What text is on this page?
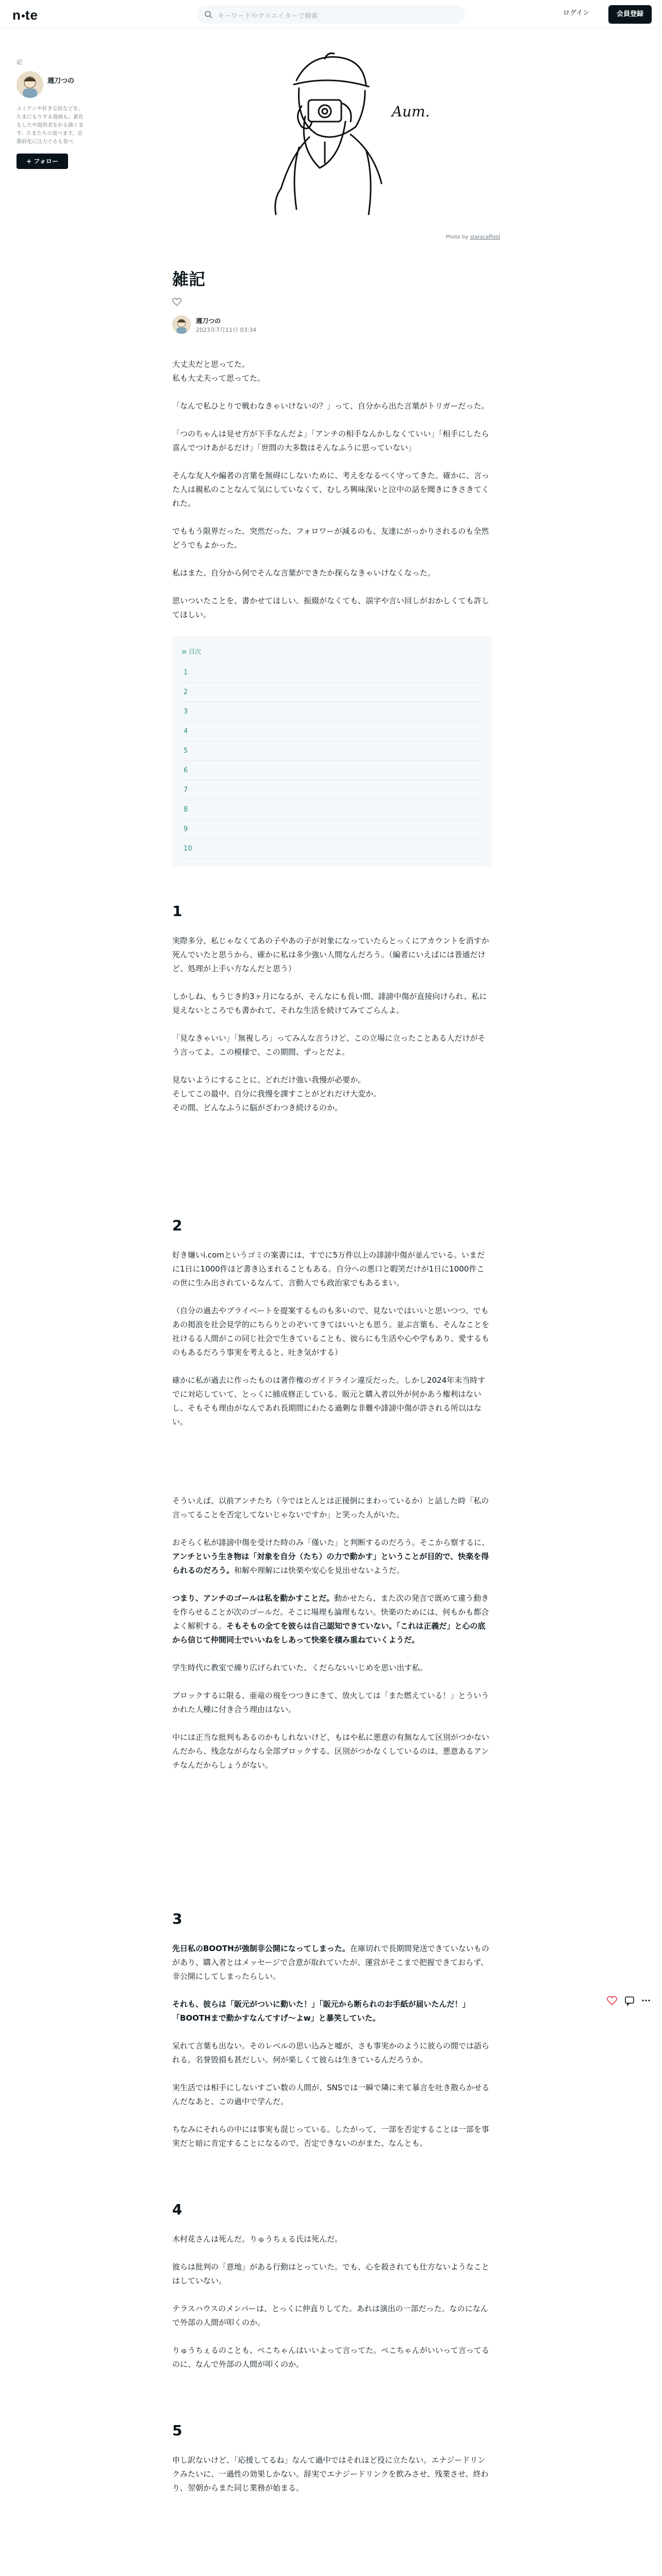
n te	キーワードやクリエイターで検索	ログイン	会員登録
記
週刀つの
ユミゲシや好きな絵などを。たまにもりする漫画も、素化もしたや提供者をかる描くます、たまたちの食べます。京都府化に注力ぐるも食べ
+ フォロー
Aum.
Photo by starscaffold
雑記
週刀つの
2023年7月11日 03:34

大丈夫だと思ってた。
私も大丈夫って思ってた。

「なんで私ひとりで戦わなきゃいけないの？」って、自分から出た言葉がトリガーだった。

「つのちゃんは見せ方が下手なんだよ」「アンチの相手なんかしなくていい」「相手にしたら喜んでつけあがるだけ」「世間の大多数はそんなふうに思っていない」

そんな友人や編者の言葉を無碍にしないために、考えをなるべく守ってきた。確かに、言った人は親私のことなんて気にしていなくて、むしろ興味深いと泣中の話を聞きにきさきてくれた。

でももう限界だった。突然だった、フォロワーが減るのも、友達にがっかりされるのも全然どうでもよかった。

私はまた、自分から何でそんな言葉ができたか探らなきゃいけなくなった。

思いついたことを、書かせてほしい。振綴がなくても、誤字や言い回しがおかしくても許してほしい。

≡ 目次
1
2
3
4
5
6
7
8
9
10
1

実際多分、私じゃなくてあの子やあの子が対象になっていたらとっくにアカウントを消すか死んでいたと思うから、確かに私は多少強い人間なんだろう。（編者にいえばには普通だけど、処理が上手い方なんだと思う）

しかしね、もうじき約3ヶ月になるが、そんなにも長い間、誹謗中傷が直接向けられ、私に見えないところでも書かれて、それな生活を続けてみてごらんよ。

「見なきゃいい」「無視しろ」ってみんな言うけど、この立場に立ったことある人だけがそう言ってよ。この模様で、この期間、ずっとだよ。

見ないようにすることに、どれだけ強い我慢が必要か。
そしてこの最中、自分に我慢を課すことがどれだけ大変か。
その間、どんなふうに脳がざわつき続けるのか。

2

好き嫌いi.comというゴミの案書には、すでに5万件以上の誹謗中傷が並んでいる。いまだに1日に1000件ほど書き込まれることもある。自分への悪口と暇笑だけが1日に1000件この世に生み出されているなんて、言動人でも政治家でもあるまい。

（自分の過去やプライベートを提案するものも多いので、見ないではいいと思いつつ、でもあの掲浪を社会見学的にちらりとのぞいてきてはいいとも思う。並ぶ言葉も、そんなことを社けるる人間がこの同じ社会で生きていることも、彼らにも生活や心や学もあり、愛するものもあるだろう事実を考えると、吐き気がする）

確かに私が過去に作ったものは著作権のガイドライン違反だった。しかし2024年末当時すでに対応していて、とっくに捕成修正している。販元と購入者以外が何かあう権利はないし、そもそも理由がなんであれ長期間にわたる過剰な非難や誹謗中傷が許される所以はない。

そういえば、以前アンチたち（今ではとんとは正援倒にまわっているか）と話した時「私の言ってることを否定してないじゃないですか」と笑った人がいた。

おそらく私が誹謗中傷を受けた時のみ「僅いた」と判断するのだろう。そこから察するに、アンチという生き物は「対象を自分（たち）の力で動かす」ということが目的で、快楽を得られるのだろう。和解や理解には快楽や安心を見出せないようだ。

つまり、アンチのゴールは私を動かすことだ。動かせたら、また次の発言で既めて違う動きを作らせることが次のゴールだ。そこに場理も論理もない。快楽のためには、何もかも都合よく解釈する。そもそもの全てを彼らは自己認知できていない。「これは正義だ」と心の底から信じて仲間同士でいいねをしあって快楽を積み重ねていくようだ。

学生時代に教室で繰り広げられていた、くだらないいじめを思い出す私。

ブロックするに限る、亜竜の飛をつつきにきて、放火しては「また燃えている！」とういうかれた人種に付き合う理由はない。

中には正当な批判もあるのかもしれないけど、もはや私に悪意の有無なんて区別がつかないんだから、残念ながらなら全部ブロックする。区別がつかなくしているのは、悪意あるアンチなんだからしょうがない。

3

先日私のBOOTHが強制非公開になってしまった。在庫切れで長期間発送できていないものがあり、購入者とはメッセージで合意が取れていたが、運営がそこまで把握できておらず、非公開にしてしまったらしい。

それも、彼らは「販元がついに動いた！」「販元から断られのお手紙が届いたんだ！」「BOOTHまで動かすなんてすげ〜よw」と暴笑していた。

呆れて言葉も出ない。そのレベルの思い込みと嘘が、さも事実かのように彼らの間では語られる。名誉毀損も甚だしい。何が楽しくて彼らは生きているんだろうか。

実生活では相手にしないすごい数の人間が、SNSでは一瞬で隣に来て暴言を吐き散らかせるんだなあと、この過中で学んだ。

ちなみにそれらの中には事実も混じっている。したがって、一部を否定することは一部を事実だと暗に肯定することになるので、否定できないのがまた、なんとも。

4

木村花さんは死んだ。りゅうちぇる氏は死んだ。

彼らは批判の「意地」がある行動はとっていた。でも、心を殺されても仕方ないようなことはしていない。

テラスハウスのメンバーは、とっくに仲直りしてた。あれは演出の一部だった。なのになんで外部の人間が叩くのか。

りゅうちぇるのことも、ぺこちゃんはいいよって言ってた。ぺこちゃんがいいって言ってるのに、なんで外部の人間が叩くのか。

5

申し訳ないけど、「応援してるね」なんて過中ではそれほど役に立たない。エナジードリンクみたいに、一過性の効果しかない。辞実でエナジードリンクを飲みさせ、残業させ、終わり、翌朝からまた同じ業務が始まる。
